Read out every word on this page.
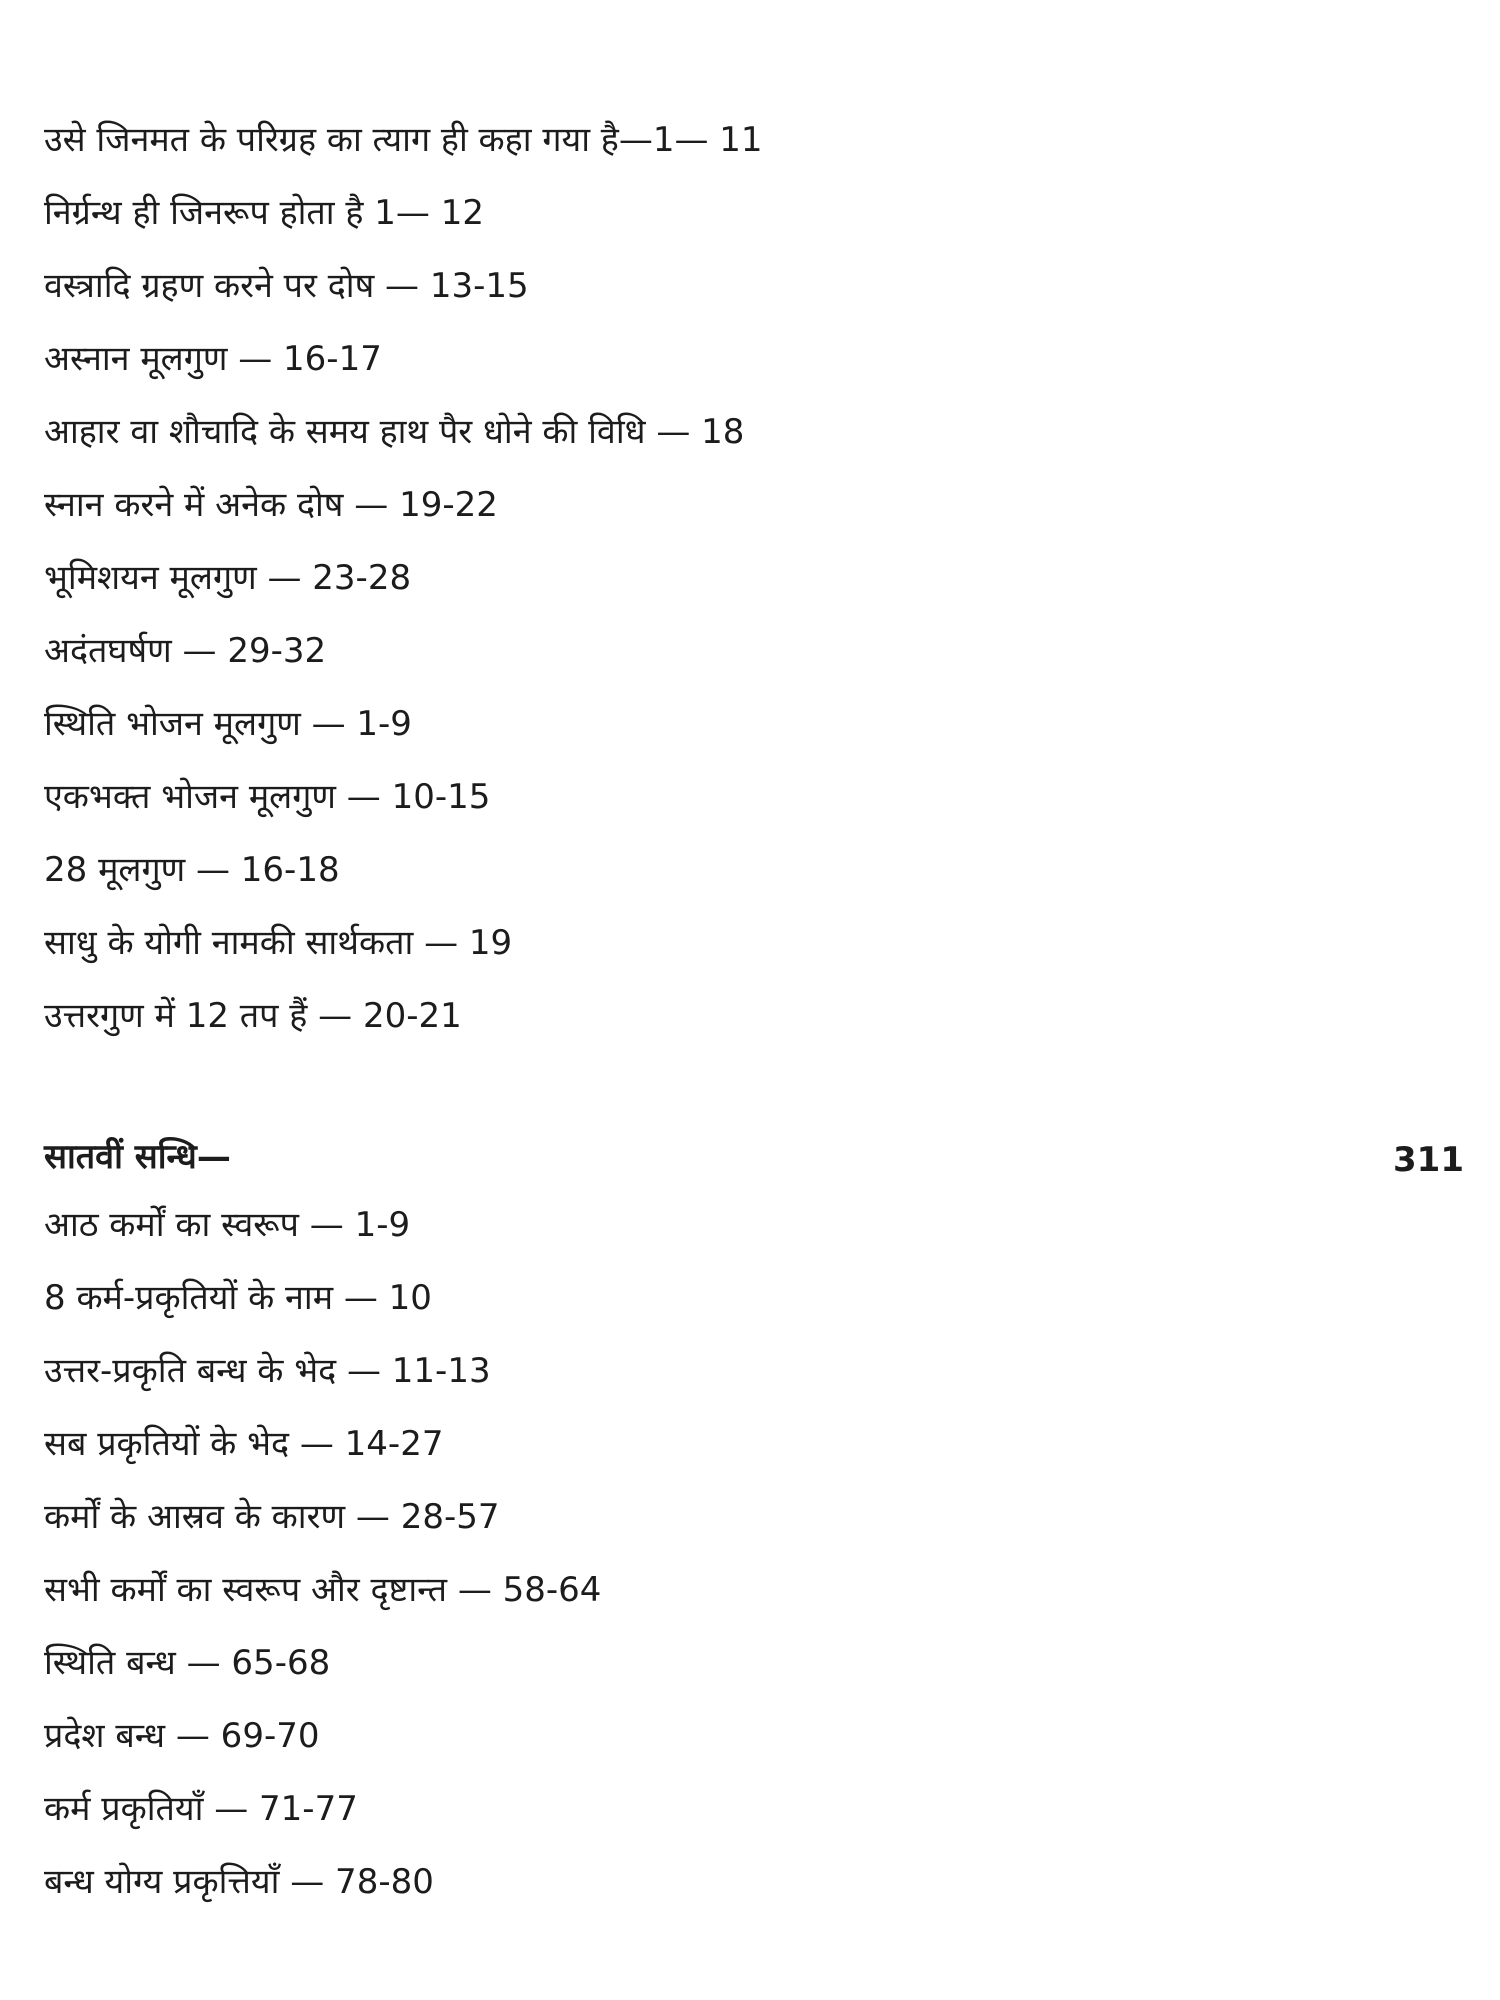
उसे जिनमत के परिग्रह का त्याग ही कहा गया है—1— 11
निर्ग्रन्थ ही जिनरूप होता है 1— 12
वस्त्रादि ग्रहण करने पर दोष — 13-15
अस्नान मूलगुण — 16-17
आहार वा शौचादि के समय हाथ पैर धोने की विधि — 18
स्नान करने में अनेक दोष — 19-22
भूमिशयन मूलगुण — 23-28
अदंतघर्षण — 29-32
स्थिति भोजन मूलगुण — 1-9
एकभक्त भोजन मूलगुण — 10-15
28 मूलगुण — 16-18
साधु के योगी नामकी सार्थकता — 19
उत्तरगुण में 12 तप हैं — 20-21
सातवीं सन्धि—
आठ कर्मों का स्वरूप — 1-9
8 कर्म-प्रकृतियों के नाम — 10
उत्तर-प्रकृति बन्ध के भेद — 11-13
सब प्रकृतियों के भेद — 14-27
कर्मों के आस्रव के कारण — 28-57
सभी कर्मों का स्वरूप और दृष्टान्त — 58-64
स्थिति बन्ध — 65-68
प्रदेश बन्ध — 69-70
कर्म प्रकृतियाँ — 71-77
बन्ध योग्य प्रकृत्तियाँ — 78-80
311
